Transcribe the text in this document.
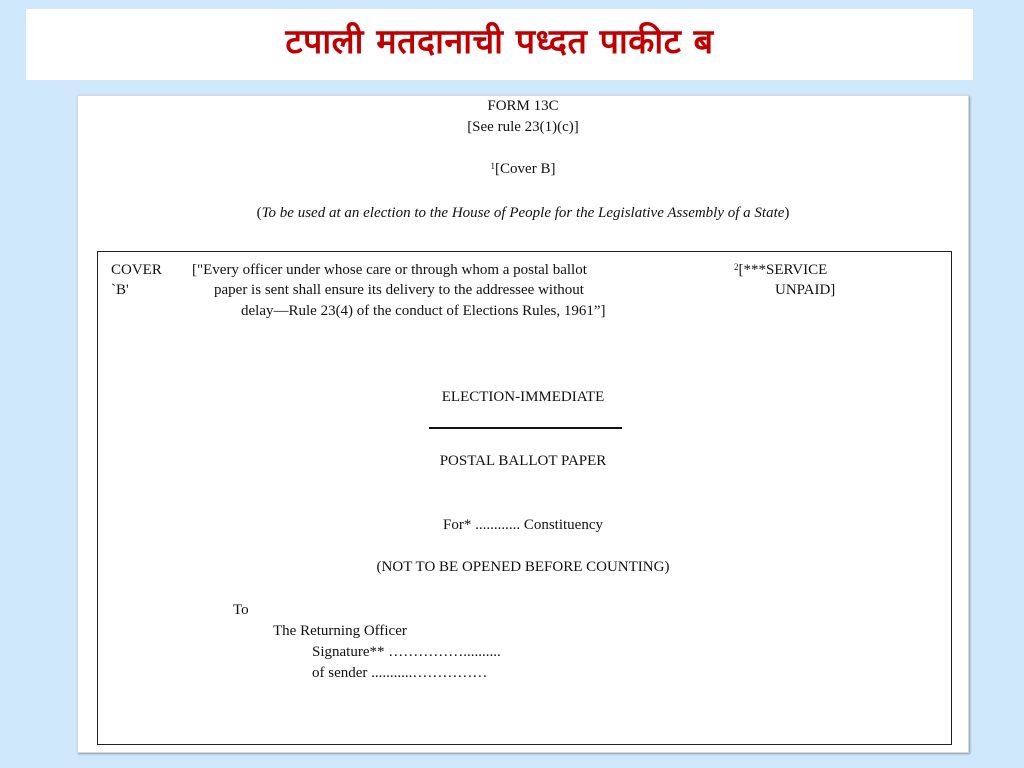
टपाली मतदानाची पध्दत पाकीट ब
FORM 13C
[See rule 23(1)(c)]
$^1$[Cover B]
(To be used at an election to the House of People for the Legislative Assembly of a State)
COVER
`B'
["Every officer under whose care or through whom a postal ballot
paper is sent shall ensure its delivery to the addressee without
delay—Rule 23(4) of the conduct of Elections Rules, 1961”]
$^2$[***SERVICE
UNPAID]
ELECTION-IMMEDIATE
POSTAL BALLOT PAPER
For* ............ Constituency
(NOT TO BE OPENED BEFORE COUNTING)
To
The Returning Officer
Signature** ……………..........
of sender ...........……………
